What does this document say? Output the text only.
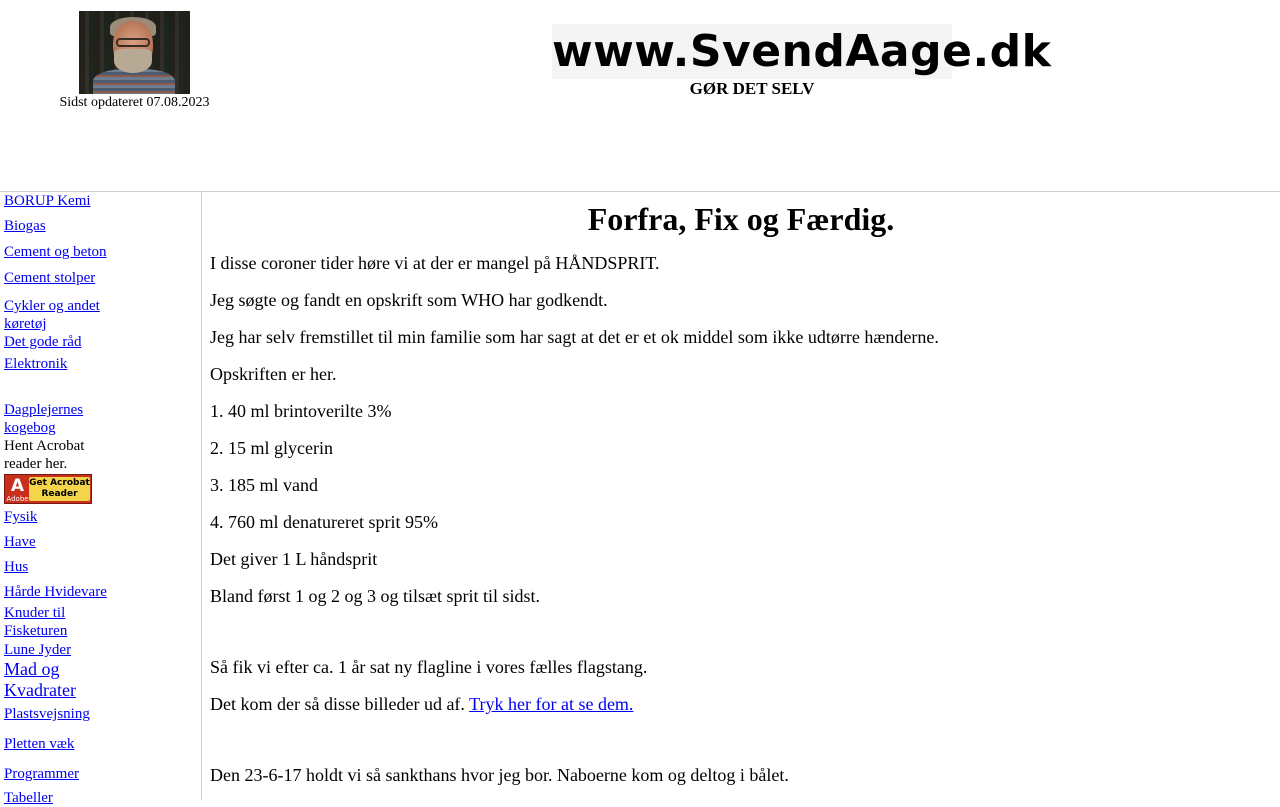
Sidst opdateret 07.08.2023
www.SvendAage.dk
GØR DET SELV
BORUP Kemi
Biogas
Cement og beton
Cement stolper
Cykler og andet køretøj
Det gode råd
Elektronik
Dagplejernes kogebog
Hent Acrobat reader her.
A
Adobe
Get Acrobat Reader
Fysik
Have
Hus
Hårde Hvidevare
Knuder til Fisketuren
Lune Jyder
Mad og Kvadrater
Plastsvejsning
Pletten væk
Programmer
Tabeller
Forfra, Fix og Færdig.
I disse coroner tider høre vi at der er mangel på HÅNDSPRIT.
Jeg søgte og fandt en opskrift som WHO har godkendt.
Jeg har selv fremstillet til min familie som har sagt at det er et ok middel som ikke udtørre hænderne.
Opskriften er her.
1. 40 ml brintoverilte 3%
2. 15 ml glycerin
3. 185 ml vand
4. 760 ml denatureret sprit 95%
Det giver 1 L håndsprit
Bland først 1 og 2 og 3 og tilsæt sprit til sidst.
Så fik vi efter ca. 1 år sat ny flagline i vores fælles flagstang.
Det kom der så disse billeder ud af. Tryk her for at se dem.
Den 23-6-17 holdt vi så sankthans hvor jeg bor. Naboerne kom og deltog i bålet.
